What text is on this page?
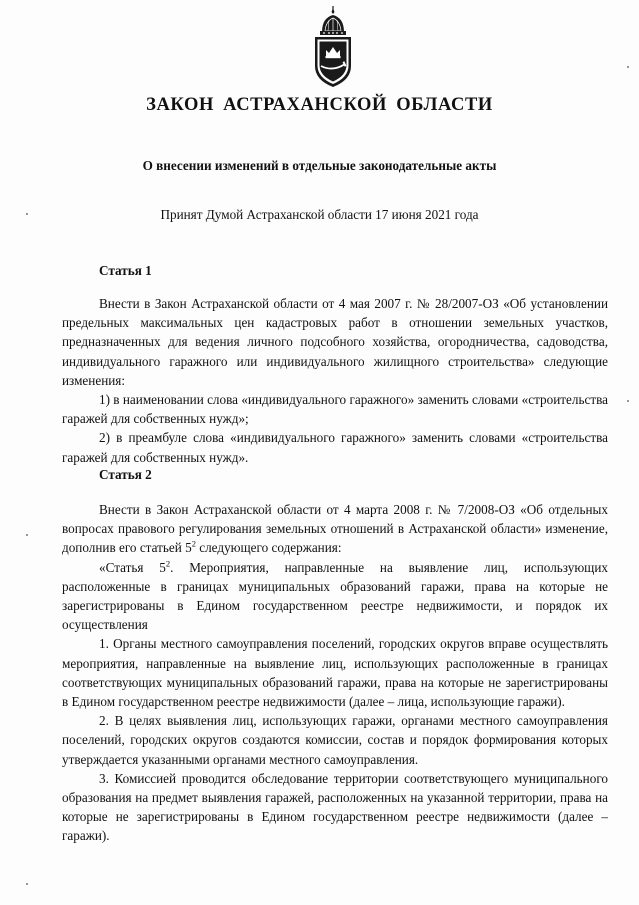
ЗАКОН АСТРАХАНСКОЙ ОБЛАСТИ
О внесении изменений в отдельные законодательные акты

Принят Думой Астраханской области 17 июня 2021 года

Статья 1

Внести в Закон Астраханской области от 4 мая 2007 г. № 28/2007-ОЗ «Об установлении предельных максимальных цен кадастровых работ в отношении земельных участков, предназначенных для ведения личного подсобного хозяйства, огородничества, садоводства, индивидуального гаражного или индивидуального жилищного строительства» следующие изменения:

1) в наименовании слова «индивидуального гаражного» заменить словами «строительства гаражей для собственных нужд»;

2) в преамбуле слова «индивидуального гаражного» заменить словами «строительства гаражей для собственных нужд».

Статья 2

Внести в Закон Астраханской области от 4 марта 2008 г. № 7/2008-ОЗ «Об отдельных вопросах правового регулирования земельных отношений в Астраханской области» изменение, дополнив его статьей $5^2$ следующего содержания:

«Статья $5^2$. Мероприятия, направленные на выявление лиц, использующих расположенные в границах муниципальных образований гаражи, права на которые не зарегистрированы в Едином государственном реестре недвижимости, и порядок их осуществления

1. Органы местного самоуправления поселений, городских округов вправе осуществлять мероприятия, направленные на выявление лиц, использующих расположенные в границах соответствующих муниципальных образований гаражи, права на которые не зарегистрированы в Едином государственном реестре недвижимости (далее – лица, использующие гаражи).

2. В целях выявления лиц, использующих гаражи, органами местного самоуправления поселений, городских округов создаются комиссии, состав и порядок формирования которых утверждается указанными органами местного самоуправления.

3. Комиссией проводится обследование территории соответствующего муниципального образования на предмет выявления гаражей, расположенных на указанной территории, права на которые не зарегистрированы в Едином государственном реестре недвижимости (далее – гаражи).
